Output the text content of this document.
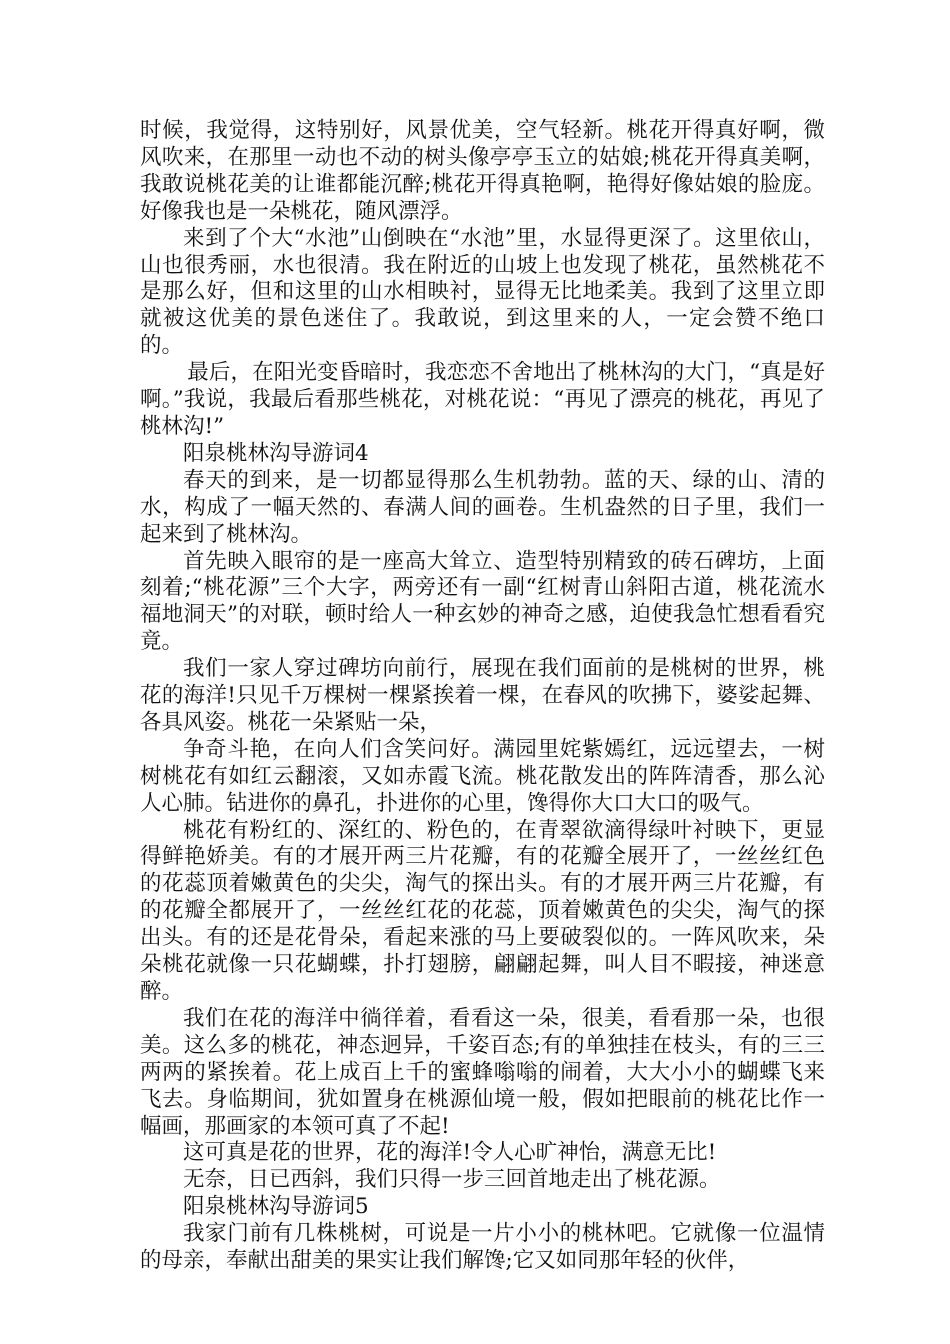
时候，我觉得，这特别好，风景优美，空气轻新。桃花开得真好啊，微风吹来，在那里一动也不动的树头像亭亭玉立的姑娘;桃花开得真美啊，我敢说桃花美的让谁都能沉醉;桃花开得真艳啊，艳得好像姑娘的脸庞。好像我也是一朵桃花，随风漂浮。

来到了个大“水池”山倒映在“水池”里，水显得更深了。这里依山，山也很秀丽，水也很清。我在附近的山坡上也发现了桃花，虽然桃花不是那么好，但和这里的山水相映衬，显得无比地柔美。我到了这里立即就被这优美的景色迷住了。我敢说，到这里来的人，一定会赞不绝口的。

最后，在阳光变昏暗时，我恋恋不舍地出了桃林沟的大门，“真是好啊。”我说，我最后看那些桃花，对桃花说：“再见了漂亮的桃花，再见了桃林沟!”

阳泉桃林沟导游词4

春天的到来，是一切都显得那么生机勃勃。蓝的天、绿的山、清的水，构成了一幅天然的、春满人间的画卷。生机盎然的日子里，我们一起来到了桃林沟。

首先映入眼帘的是一座高大耸立、造型特别精致的砖石碑坊，上面刻着;“桃花源”三个大字，两旁还有一副“红树青山斜阳古道，桃花流水福地洞天”的对联，顿时给人一种玄妙的神奇之感，迫使我急忙想看看究竟。

我们一家人穿过碑坊向前行，展现在我们面前的是桃树的世界，桃花的海洋!只见千万棵树一棵紧挨着一棵，在春风的吹拂下，婆娑起舞、各具风姿。桃花一朵紧贴一朵，

争奇斗艳，在向人们含笑问好。满园里姹紫嫣红，远远望去，一树树桃花有如红云翻滚，又如赤霞飞流。桃花散发出的阵阵清香，那么沁人心肺。钻进你的鼻孔，扑进你的心里，馋得你大口大口的吸气。

桃花有粉红的、深红的、粉色的，在青翠欲滴得绿叶衬映下，更显得鲜艳娇美。有的才展开两三片花瓣，有的花瓣全展开了，一丝丝红色的花蕊顶着嫩黄色的尖尖，淘气的探出头。有的才展开两三片花瓣，有的花瓣全都展开了，一丝丝红花的花蕊，顶着嫩黄色的尖尖，淘气的探出头。有的还是花骨朵，看起来涨的马上要破裂似的。一阵风吹来，朵朵桃花就像一只花蝴蝶，扑打翅膀，翩翩起舞，叫人目不暇接，神迷意醉。

我们在花的海洋中徜徉着，看看这一朵，很美，看看那一朵，也很美。这么多的桃花，神态迥异，千姿百态;有的单独挂在枝头，有的三三两两的紧挨着。花上成百上千的蜜蜂嗡嗡的闹着，大大小小的蝴蝶飞来飞去。身临期间，犹如置身在桃源仙境一般，假如把眼前的桃花比作一幅画，那画家的本领可真了不起!

这可真是花的世界，花的海洋!令人心旷神怡，满意无比!

无奈，日已西斜，我们只得一步三回首地走出了桃花源。

阳泉桃林沟导游词5

我家门前有几株桃树，可说是一片小小的桃林吧。它就像一位温情的母亲，奉献出甜美的果实让我们解馋;它又如同那年轻的伙伴，
